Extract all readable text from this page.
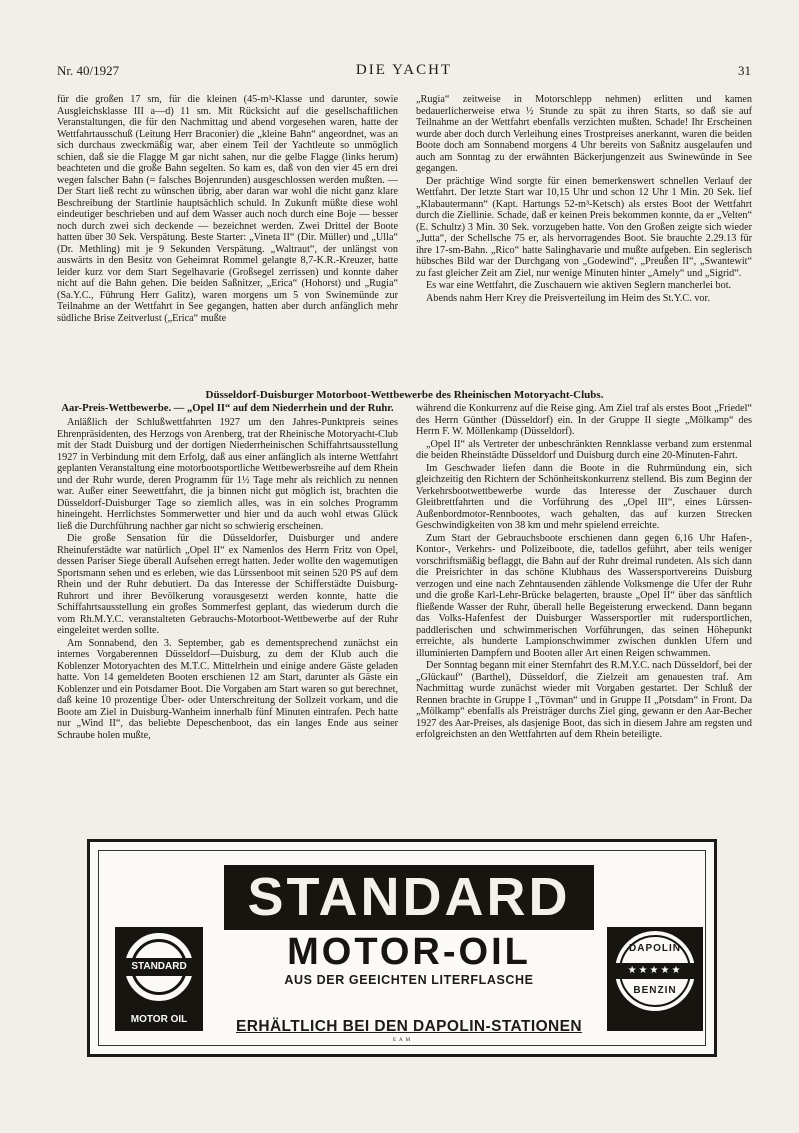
Nr. 40/1927	DIE YACHT	31

für die großen 17 sm, für die kleinen (45-m³-Klasse und darunter, sowie Ausgleichsklasse III a—d) 11 sm. Mit Rücksicht auf die gesellschaftlichen Veranstaltungen, die für den Nachmittag und abend vorgesehen waren, hatte der Wettfahrtausschuß (Leitung Herr Braconier) die „kleine Bahn“ angeordnet, was an sich durchaus zweckmäßig war, aber einem Teil der Yachtleute so unmöglich schien, daß sie die Flagge M gar nicht sahen, nur die gelbe Flagge (links herum) beachteten und die große Bahn segelten. So kam es, daß von den vier 45 ern drei wegen falscher Bahn (= falsches Bojenrunden) ausgeschlossen werden mußten. — Der Start ließ recht zu wünschen übrig, aber daran war wohl die nicht ganz klare Beschreibung der Startlinie hauptsächlich schuld. In Zukunft müßte diese wohl eindeutiger beschrieben und auf dem Wasser auch noch durch eine Boje — besser noch durch zwei sich deckende — bezeichnet werden. Zwei Drittel der Boote hatten über 30 Sek. Verspätung. Beste Starter: „Vineta II“ (Dir. Müller) und „Ulla“ (Dr. Methling) mit je 9 Sekunden Verspätung. „Waltraut“, der unlängst von auswärts in den Besitz von Geheimrat Rommel gelangte 8,7-K.R.-Kreuzer, hatte leider kurz vor dem Start Segelhavarie (Großsegel zerrissen) und konnte daher nicht auf die Bahn gehen. Die beiden Saßnitzer, „Erica“ (Hohorst) und „Rugia“ (Sa.Y.C., Führung Herr Galitz), waren morgens um 5 von Swinemünde zur Teilnahme an der Wettfahrt in See gegangen, hatten aber durch anfänglich mehr südliche Brise Zeitverlust („Erica“ mußte

„Rugia“ zeitweise in Motorschlepp nehmen) erlitten und kamen bedauerlicherweise etwa ½ Stunde zu spät zu ihren Starts, so daß sie auf Teilnahme an der Wettfahrt ebenfalls verzichten mußten. Schade! Ihr Erscheinen wurde aber doch durch Verleihung eines Trostpreises anerkannt, waren die beiden Boote doch am Sonnabend morgens 4 Uhr bereits von Saßnitz ausgelaufen und auch am Sonntag zu der erwähnten Bäckerjungenzeit aus Swinewünde in See gegangen.

Der prächtige Wind sorgte für einen bemerkenswert schnellen Verlauf der Wettfahrt. Der letzte Start war 10,15 Uhr und schon 12 Uhr 1 Min. 20 Sek. lief „Klabautermann“ (Kapt. Hartungs 52-m³-Ketsch) als erstes Boot der Wettfahrt durch die Ziellinie. Schade, daß er keinen Preis bekommen konnte, da er „Velten“ (E. Schultz) 3 Min. 30 Sek. vorzugeben hatte. Von den Großen zeigte sich wieder „Jutta“, der Schellsche 75 er, als hervorragendes Boot. Sie brauchte 2.29.13 für ihre 17-sm-Bahn. „Rico“ hatte Salinghavarie und mußte aufgeben. Ein seglerisch hübsches Bild war der Durchgang von „Godewind“, „Preußen II“, „Swantewit“ zu fast gleicher Zeit am Ziel, nur wenige Minuten hinter „Amely“ und „Sigrid“.

Es war eine Wettfahrt, die Zuschauern wie aktiven Seglern mancherlei bot.

Abends nahm Herr Krey die Preisverteilung im Heim des St.Y.C. vor.

Düsseldorf-Duisburger Motorboot-Wettbewerbe des Rheinischen Motoryacht-Clubs.
Aar-Preis-Wettbewerbe. — „Opel II“ auf dem Niederrhein und der Ruhr.

Anläßlich der Schlußwettfahrten 1927 um den Jahres-Punktpreis seines Ehrenpräsidenten, des Herzogs von Arenberg, trat der Rheinische Motoryacht-Club mit der Stadt Duisburg und der dortigen Niederrheinischen Schiffahrtsausstellung 1927 in Verbindung mit dem Erfolg, daß aus einer anfänglich als interne Wettfahrt geplanten Veranstaltung eine motorbootsportliche Wettbewerbsreihe auf dem Rhein und der Ruhr wurde, deren Programm für 1½ Tage mehr als reichlich zu nennen war. Außer einer Seewettfahrt, die ja binnen nicht gut möglich ist, brachten die Düsseldorf-Duisburger Tage so ziemlich alles, was in ein solches Programm hineingeht. Herrlichstes Sommerwetter und hier und da auch wohl etwas Glück ließ die Durchführung nachher gar nicht so schwierig erscheinen.

Die große Sensation für die Düsseldorfer, Duisburger und andere Rheinuferstädte war natürlich „Opel II“ ex Namenlos des Herrn Fritz von Opel, dessen Pariser Siege überall Aufsehen erregt hatten. Jeder wollte den wagemutigen Sportsmann sehen und es erleben, wie das Lürssenboot mit seinen 520 PS auf dem Rhein und der Ruhr debutiert. Da das Interesse der Schifferstädte Duisburg-Ruhrort und ihrer Bevölkerung vorausgesetzt werden konnte, hatte die Schiffahrtsausstellung ein großes Sommerfest geplant, das wiederum durch die vom Rh.M.Y.C. veranstalteten Gebrauchs-Motorboot-Wettbewerbe auf der Ruhr eingeleitet werden sollte.

Am Sonnabend, den 3. September, gab es dementsprechend zunächst ein internes Vorgaberennen Düsseldorf—Duisburg, zu dem der Klub auch die Koblenzer Motoryachten des M.T.C. Mittelrhein und einige andere Gäste geladen hatte. Von 14 gemeldeten Booten erschienen 12 am Start, darunter als Gäste ein Koblenzer und ein Potsdamer Boot. Die Vorgaben am Start waren so gut berechnet, daß keine 10 prozentige Über- oder Unterschreitung der Sollzeit vorkam, und die Boote am Ziel in Duisburg-Wanheim innerhalb fünf Minuten eintrafen. Pech hatte nur „Wind II“, das beliebte Depeschenboot, das ein langes Ende aus seiner Schraube holen mußte,

während die Konkurrenz auf die Reise ging. Am Ziel traf als erstes Boot „Friedel“ des Herrn Günther (Düsseldorf) ein. In der Gruppe II siegte „Mölkamp“ des Herrn F. W. Möllenkamp (Düsseldorf).

„Opel II“ als Vertreter der unbeschränkten Rennklasse verband zum erstenmal die beiden Rheinstädte Düsseldorf und Duisburg durch eine 20-Minuten-Fahrt.

Im Geschwader liefen dann die Boote in die Ruhrmündung ein, sich gleichzeitig den Richtern der Schönheitskonkurrenz stellend. Bis zum Beginn der Verkehrsbootwettbewerbe wurde das Interesse der Zuschauer durch Gleitbrettfahrten und die Vorführung des „Opel III“, eines Lürssen-Außenbordmotor-Rennbootes, wach gehalten, das auf kurzen Strecken Geschwindigkeiten von 38 km und mehr spielend erreichte.

Zum Start der Gebrauchsboote erschienen dann gegen 6,16 Uhr Hafen-, Kontor-, Verkehrs- und Polizeiboote, die, tadellos geführt, aber teils weniger vorschriftsmäßig beflaggt, die Bahn auf der Ruhr dreimal rundeten. Als sich dann die Preisrichter in das schöne Klubhaus des Wassersportvereins Duisburg verzogen und eine nach Zehntausenden zählende Volksmenge die Ufer der Ruhr und die große Karl-Lehr-Brücke belagerten, brauste „Opel II“ über das sänftlich fließende Wasser der Ruhr, überall helle Begeisterung erweckend. Dann begann das Volks-Hafenfest der Duisburger Wassersportler mit rudersportlichen, paddlerischen und schwimmerischen Vorführungen, das seinen Höhepunkt erreichte, als hunderte Lampionschwimmer zwischen dunklen Ufern und illuminierten Dampfern und Booten aller Art einen Reigen schwammen.

Der Sonntag begann mit einer Sternfahrt des R.M.Y.C. nach Düsseldorf, bei der „Glückauf“ (Barthel), Düsseldorf, die Zielzeit am genauesten traf. Am Nachmittag wurde zunächst wieder mit Vorgaben gestartet. Der Schluß der Rennen brachte in Gruppe I „Tövman“ und in Gruppe II „Potsdam“ in Front. Da „Mölkamp“ ebenfalls als Preisträger durchs Ziel ging, gewann er den Aar-Becher 1927 des Aar-Preises, als dasjenige Boot, das sich in diesem Jahre am regsten und erfolgreichsten an den Wettfahrten auf dem Rhein beteiligte.

STANDARD
MOTOR-OIL
AUS DER GEEICHTEN LITERFLASCHE
ERHÄLTLICH BEI DEN DAPOLIN-STATIONEN
STANDARD
MOTOR OIL
DAPOLIN
★★★★★
BENZIN
E A M
